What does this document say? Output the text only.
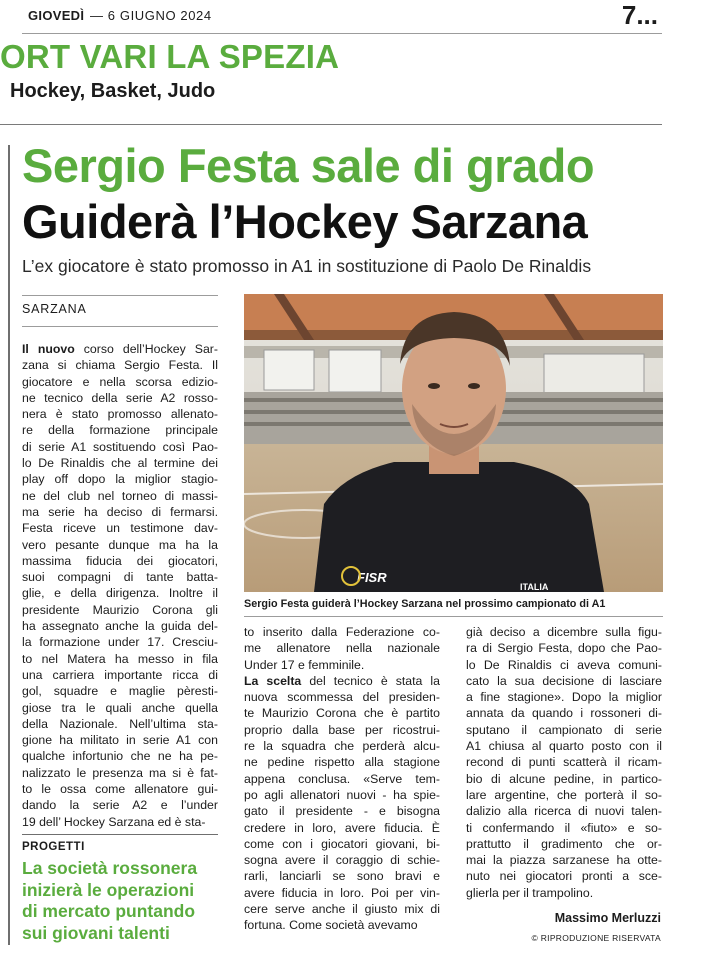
GIOVEDÌ — 6 GIUGNO 2024	7...
ORT VARI LA SPEZIA
Hockey, Basket, Judo
Sergio Festa sale di grado
Guiderà l’Hockey Sarzana
L’ex giocatore è stato promosso in A1 in sostituzione di Paolo De Rinaldis
SARZANA
Il nuovo corso dell’Hockey Sar-
zana si chiama Sergio Festa. Il
giocatore e nella scorsa edizio-
ne tecnico della serie A2 rosso-
nera è stato promosso allenato-
re della formazione principale
di serie A1 sostituendo così Pao-
lo De Rinaldis che al termine dei
play off dopo la miglior stagio-
ne del club nel torneo di massi-
ma serie ha deciso di fermarsi.
Festa riceve un testimone dav-
vero pesante dunque ma ha la
massima fiducia dei giocatori,
suoi compagni di tante batta-
glie, e della dirigenza. Inoltre il
presidente Maurizio Corona gli
ha assegnato anche la guida del-
la formazione under 17. Cresciu-
to nel Matera ha messo in fila
una carriera importante ricca di
gol, squadre e maglie pèresti-
giose tra le quali anche quella
della Nazionale. Nell’ultima sta-
gione ha militato in serie A1 con
qualche infortunio che ne ha pe-
nalizzato le presenza ma si è fat-
to le ossa come allenatore gui-
dando la serie A2 e l’under
19 dell’ Hockey Sarzana ed è sta-
FISR
ITALIA
Sergio Festa guiderà l’Hockey Sarzana nel prossimo campionato di A1
to inserito dalla Federazione co-
me allenatore nella nazionale
Under 17 e femminile.
La scelta del tecnico è stata la
nuova scommessa del presiden-
te Maurizio Corona che è partito
proprio dalla base per ricostrui-
re la squadra che perderà alcu-
ne pedine rispetto alla stagione
appena conclusa. «Serve tem-
po agli allenatori nuovi - ha spie-
gato il presidente - e bisogna
credere in loro, avere fiducia. È
come con i giocatori giovani, bi-
sogna avere il coraggio di schie-
rarli, lanciarli se sono bravi e
avere fiducia in loro. Poi per vin-
cere serve anche il giusto mix di
fortuna. Come società avevamo
già deciso a dicembre sulla figu-
ra di Sergio Festa, dopo che Pao-
lo De Rinaldis ci aveva comuni-
cato la sua decisione di lasciare
a fine stagione». Dopo la miglior
annata da quando i rossoneri di-
sputano il campionato di serie
A1 chiusa al quarto posto con il
recond di punti scatterà il ricam-
bio di alcune pedine, in partico-
lare argentine, che porterà il so-
dalizio alla ricerca di nuovi talen-
ti confermando il «fiuto» e so-
prattutto il gradimento che or-
mai la piazza sarzanese ha otte-
nuto nei giocatori pronti a sce-
glierla per il trampolino.
PROGETTI
La società rossonera
inizierà le operazioni
di mercato puntando
sui giovani talenti
Massimo Merluzzi
© RIPRODUZIONE RISERVATA
